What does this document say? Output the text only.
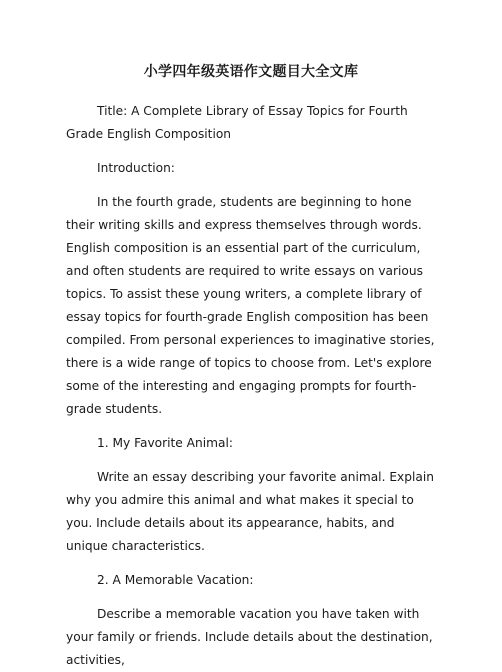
小学四年级英语作文题目大全文库

Title: A Complete Library of Essay Topics for Fourth Grade English Composition

Introduction:

In the fourth grade, students are beginning to hone their writing skills and express themselves through words. English composition is an essential part of the curriculum, and often students are required to write essays on various topics. To assist these young writers, a complete library of essay topics for fourth-grade English composition has been compiled. From personal experiences to imaginative stories, there is a wide range of topics to choose from. Let's explore some of the interesting and engaging prompts for fourth-grade students.

1. My Favorite Animal:

Write an essay describing your favorite animal. Explain why you admire this animal and what makes it special to you. Include details about its appearance, habits, and unique characteristics.

2. A Memorable Vacation:

Describe a memorable vacation you have taken with your family or friends. Include details about the destination, activities,
